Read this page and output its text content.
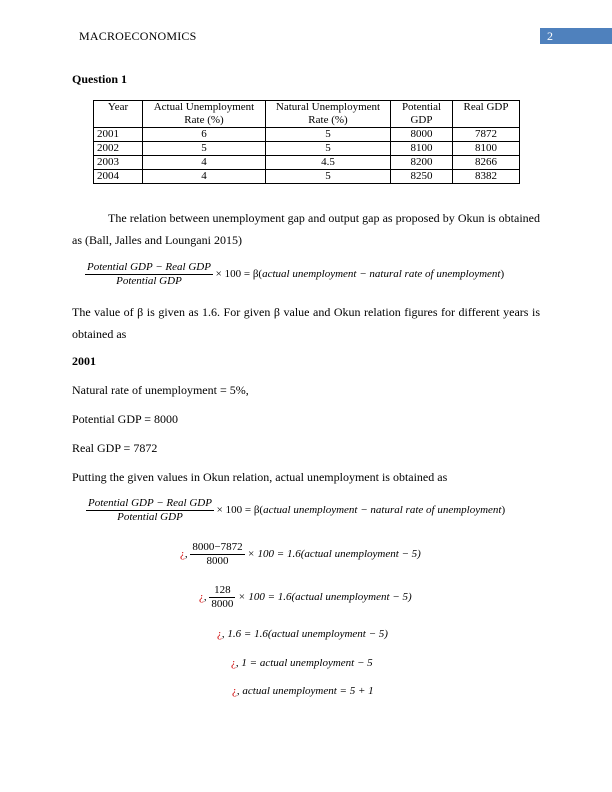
MACROECONOMICS	2
Question 1
Year	Actual Unemployment Rate (%)	Natural Unemployment Rate (%)	Potential GDP	Real GDP
2001	6	5	8000	7872
2002	5	5	8100	8100
2003	4	4.5	8200	8266
2004	4	5	8250	8382
The relation between unemployment gap and output gap as proposed by Okun is obtained as (Ball, Jalles and Loungani 2015)
$\frac{\text{Potential GDP − Real GDP}}{\text{Potential GDP}} \times 100$ = β(actual unemployment − natural rate of unemployment)
The value of β is given as 1.6. For given β value and Okun relation figures for different years is obtained as
2001
Natural rate of unemployment = 5%,
Potential GDP = 8000
Real GDP = 7872
Putting the given values in Okun relation, actual unemployment is obtained as
$\frac{\text{Potential GDP − Real GDP}}{\text{Potential GDP}} \times 100$ = β(actual unemployment − natural rate of unemployment)
¿, $\frac{8000-7872}{8000} \times 100$ = 1.6(actual unemployment − 5)
¿, $\frac{128}{8000} \times 100$ = 1.6(actual unemployment − 5)
¿, 1.6 = 1.6(actual unemployment − 5)
¿, 1 = actual unemployment − 5
¿, actual unemployment = 5 + 1
